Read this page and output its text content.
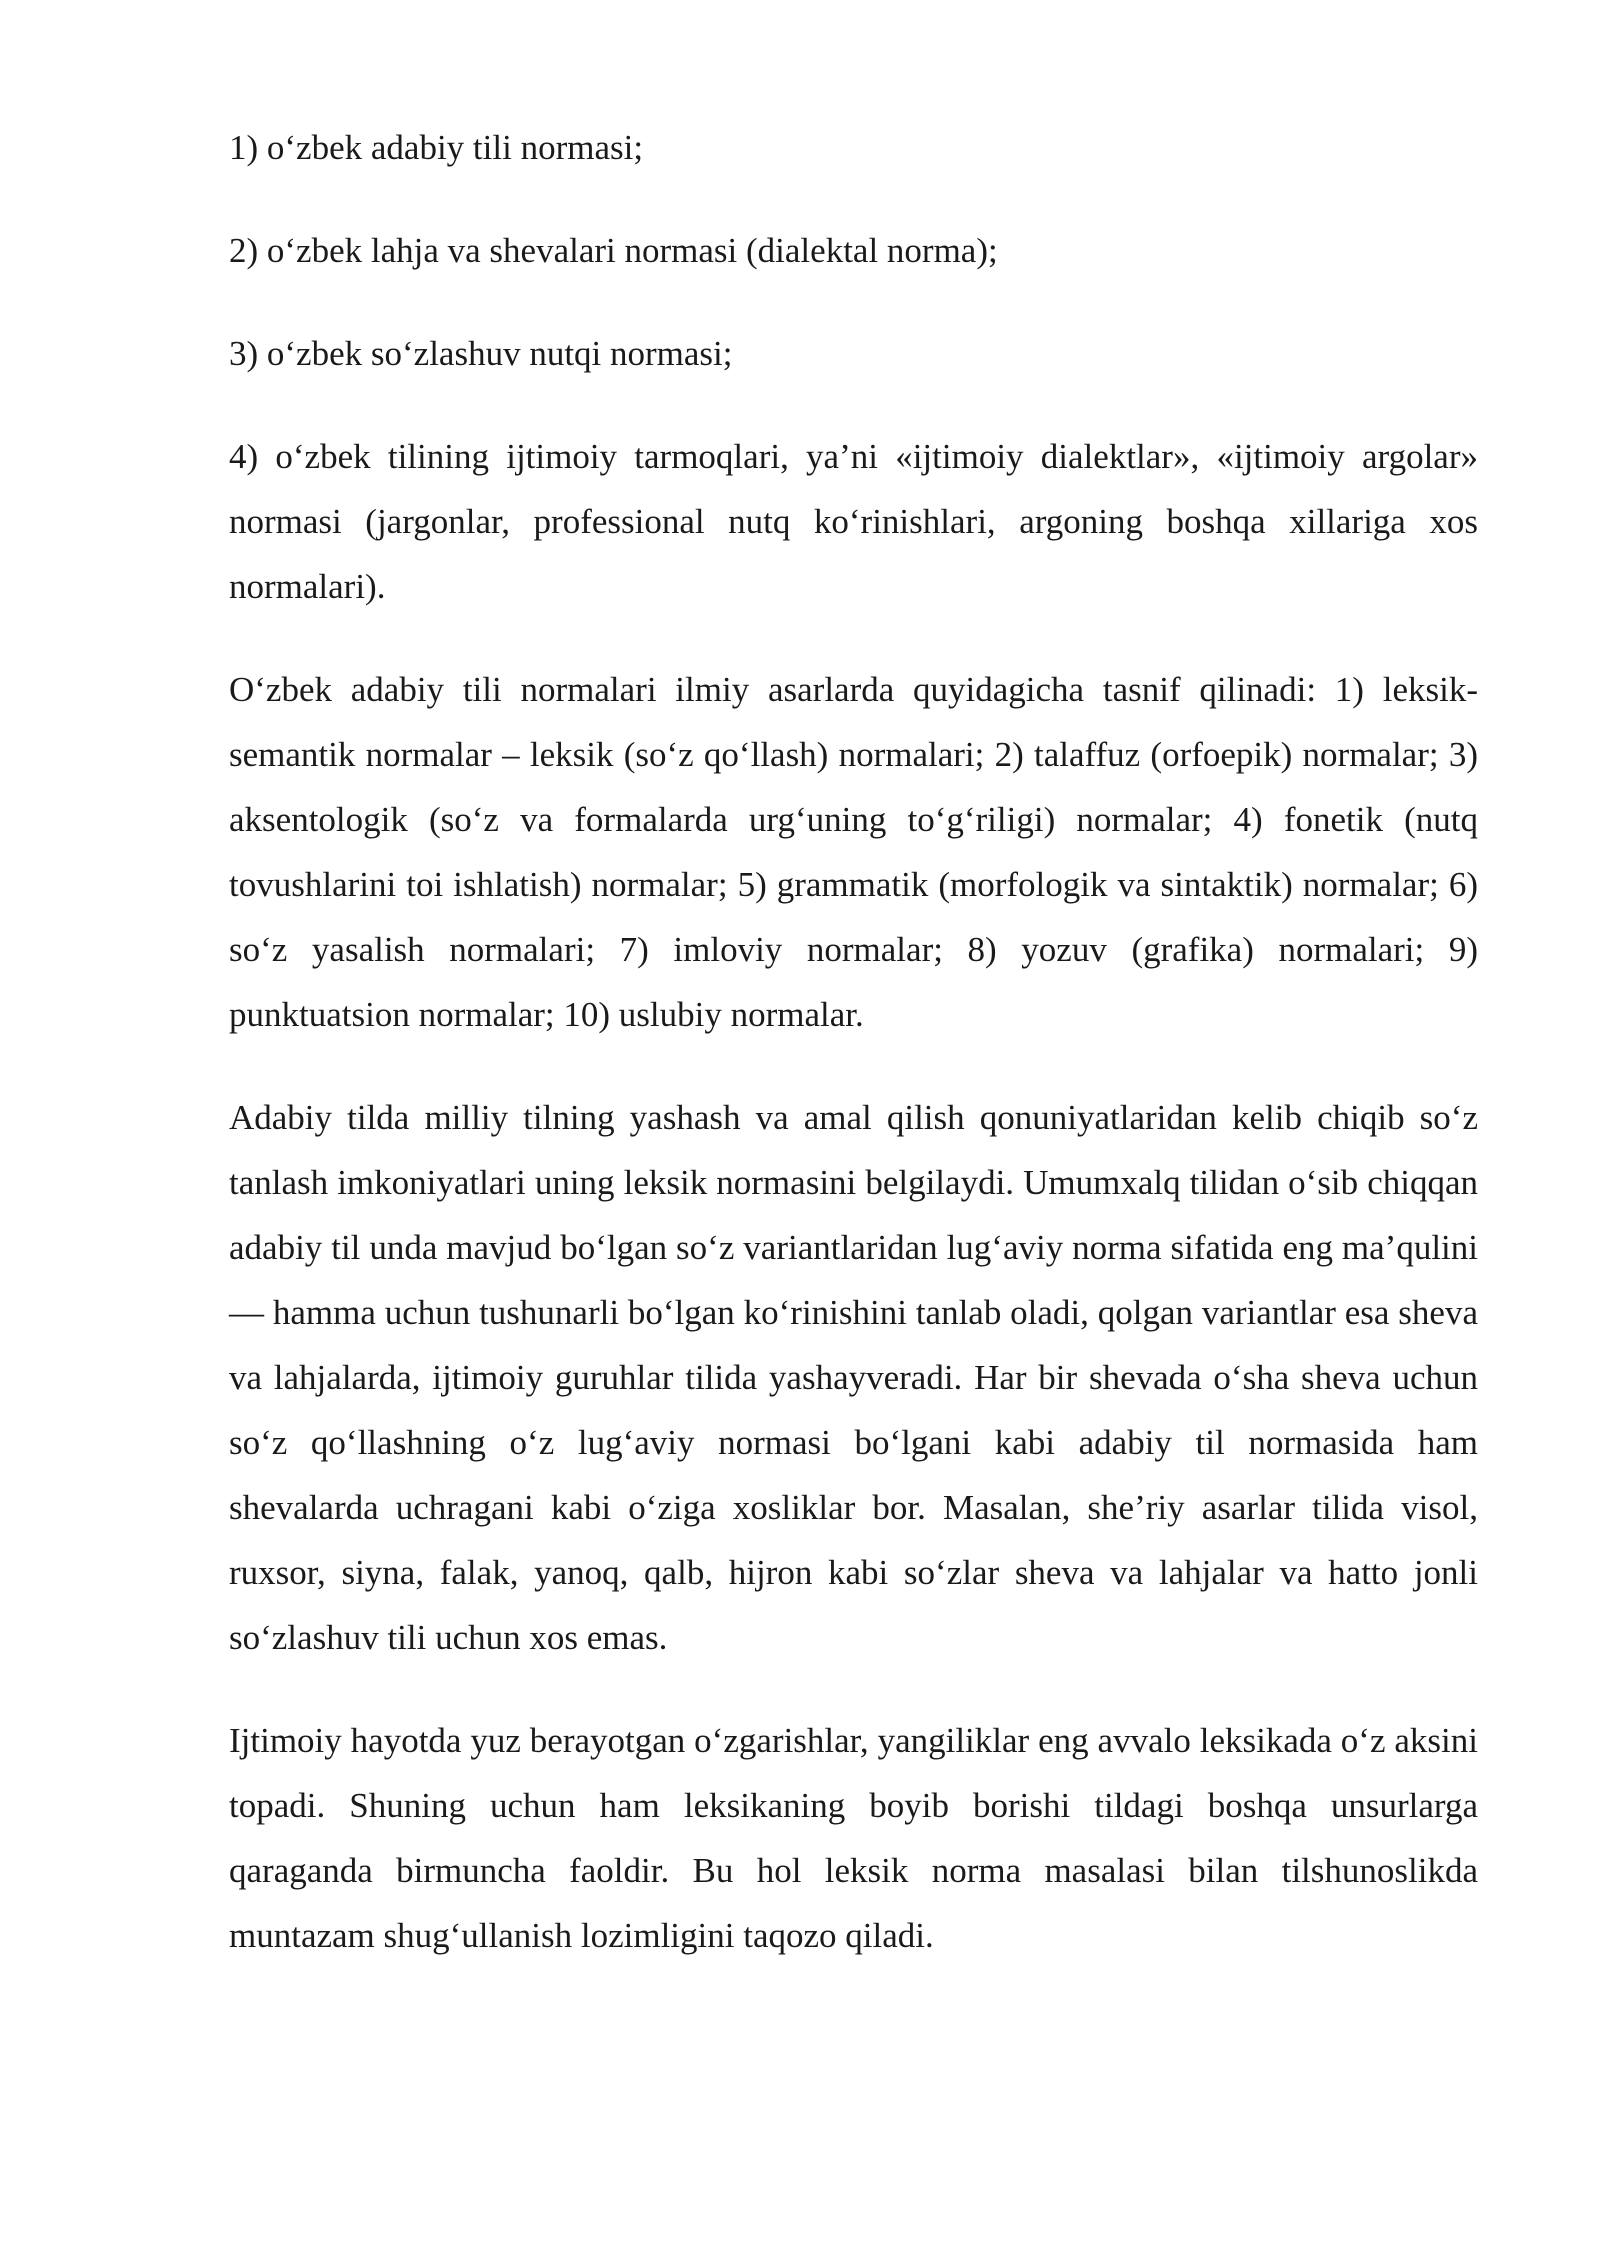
1) o‘zbek adabiy tili normasi;

2) o‘zbek lahja va shevalari normasi (dialektal norma);

3) o‘zbek so‘zlashuv nutqi normasi;

4) o‘zbek tilining ijtimoiy tarmoqlari, ya’ni «ijtimoiy dialektlar», «ijtimoiy argolar» normasi (jargonlar, professional nutq ko‘rinishlari, argoning boshqa xillariga xos normalari).

O‘zbek adabiy tili normalari ilmiy asarlarda quyidagicha tasnif qilinadi: 1) leksik-semantik normalar – leksik (so‘z qo‘llash) normalari; 2) talaffuz (orfoepik) normalar; 3) aksentologik (so‘z va formalarda urg‘uning to‘g‘riligi) normalar; 4) fonetik (nutq tovushlarini toi ishlatish) normalar; 5) grammatik (morfologik va sintaktik) normalar; 6) so‘z yasalish normalari; 7) imloviy normalar; 8) yozuv (grafika) normalari; 9) punktuatsion normalar; 10) uslubiy normalar.

Adabiy tilda milliy tilning yashash va amal qilish qonuniyatlaridan kelib chiqib so‘z tanlash imkoniyatlari uning leksik normasini belgilaydi. Umumxalq tilidan o‘sib chiqqan adabiy til unda mavjud bo‘lgan so‘z variantlaridan lug‘aviy norma sifatida eng ma’qulini — hamma uchun tushunarli bo‘lgan ko‘rinishini tanlab oladi, qolgan variantlar esa sheva va lahjalarda, ijtimoiy guruhlar tilida yashayveradi. Har bir shevada o‘sha sheva uchun so‘z qo‘llashning o‘z lug‘aviy normasi bo‘lgani kabi adabiy til normasida ham shevalarda uchragani kabi o‘ziga xosliklar bor. Masalan, she’riy asarlar tilida visol, ruxsor, siyna, falak, yanoq, qalb, hijron kabi so‘zlar sheva va lahjalar va hatto jonli so‘zlashuv tili uchun xos emas.

Ijtimoiy hayotda yuz berayotgan o‘zgarishlar, yangiliklar eng avvalo leksikada o‘z aksini topadi. Shuning uchun ham leksikaning boyib borishi tildagi boshqa unsurlarga qaraganda birmuncha faoldir. Bu hol leksik norma masalasi bilan tilshunoslikda muntazam shug‘ullanish lozimligini taqozo qiladi.
